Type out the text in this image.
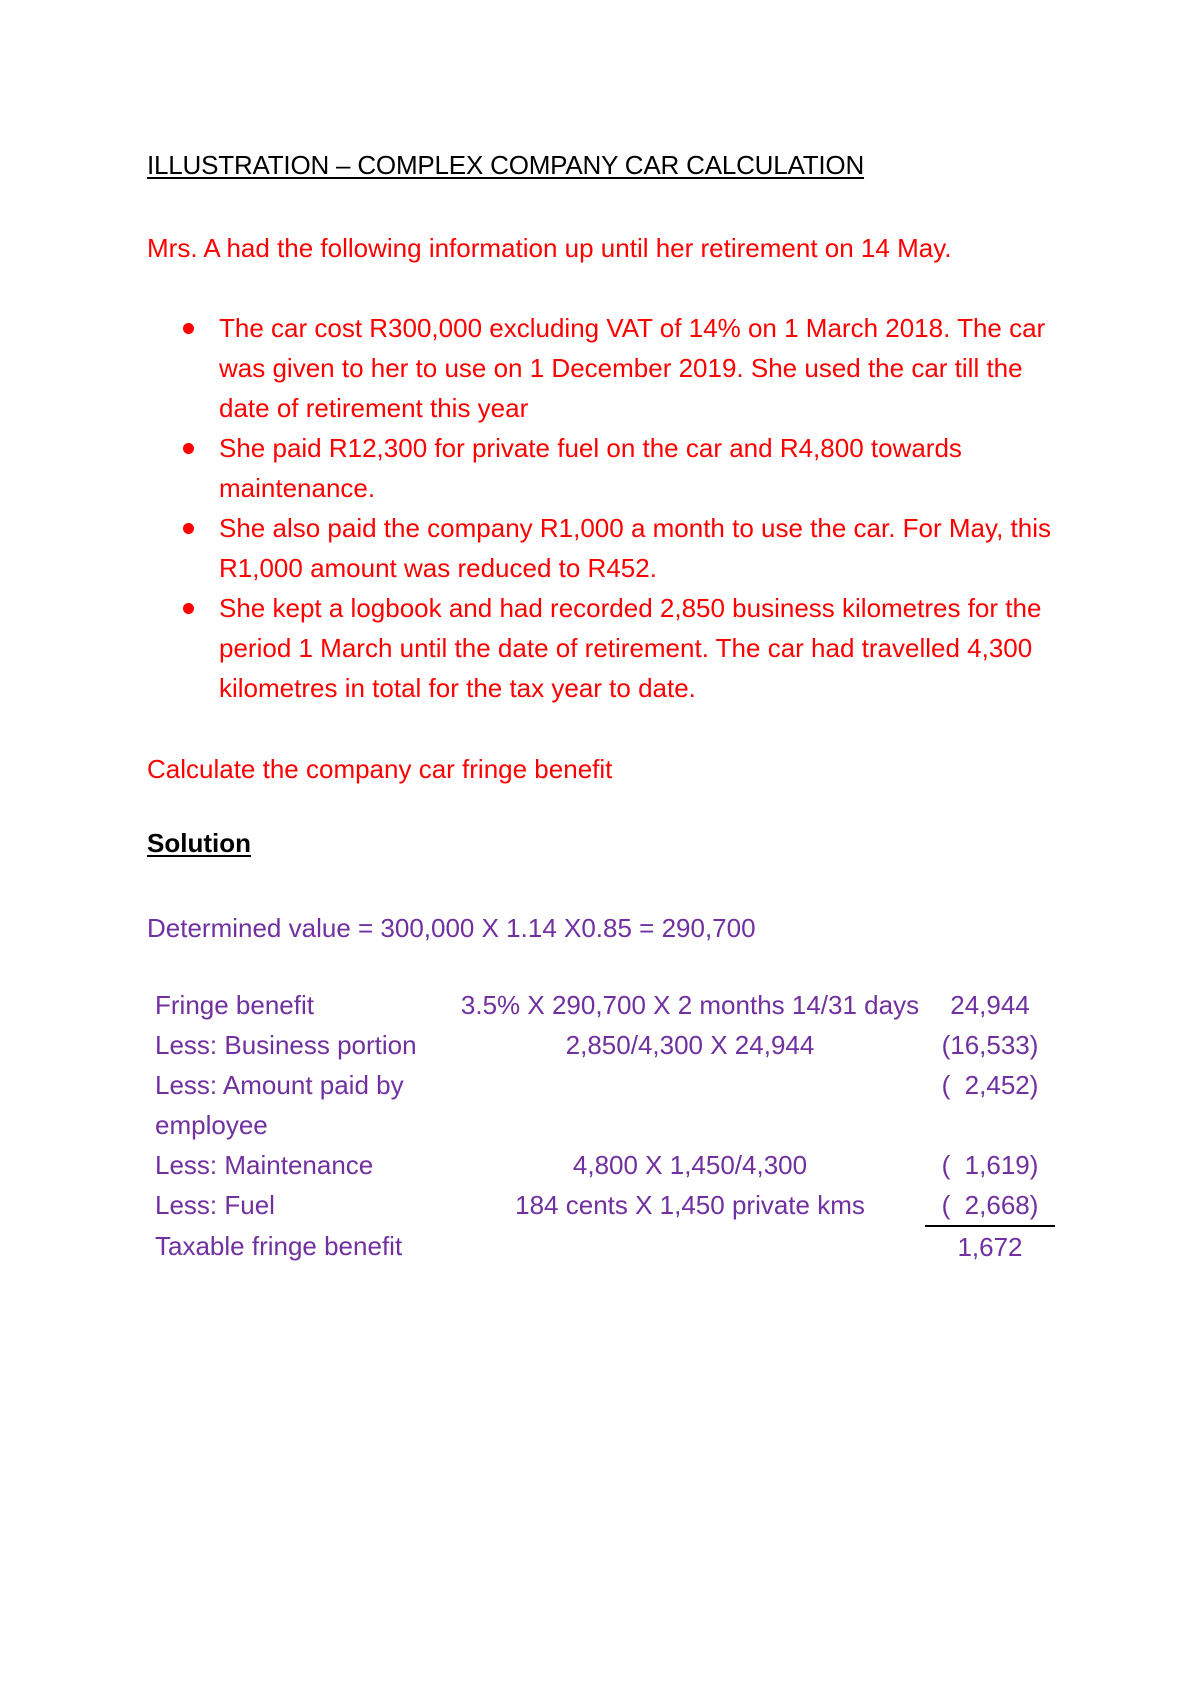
ILLUSTRATION – COMPLEX COMPANY CAR CALCULATION

Mrs. A had the following information up until her retirement on 14 May.

The car cost R300,000 excluding VAT of 14% on 1 March 2018. The car was given to her to use on 1 December 2019. She used the car till the date of retirement this year
She paid R12,300 for private fuel on the car and R4,800 towards maintenance.
She also paid the company R1,000 a month to use the car. For May, this R1,000 amount was reduced to R452.
She kept a logbook and had recorded 2,850 business kilometres for the period 1 March until the date of retirement. The car had travelled 4,300 kilometres in total for the tax year to date.
Calculate the company car fringe benefit
Solution
Determined value = 300,000 X 1.14 X0.85 = 290,700
Fringe benefit	3.5% X 290,700 X 2 months 14/31 days	24,944
Less: Business portion	2,850/4,300 X 24,944	(16,533)
Less: Amount paid by employee		(  2,452)
Less: Maintenance	4,800 X 1,450/4,300	(  1,619)
Less: Fuel	184 cents X 1,450 private kms	(  2,668)
Taxable fringe benefit		1,672
